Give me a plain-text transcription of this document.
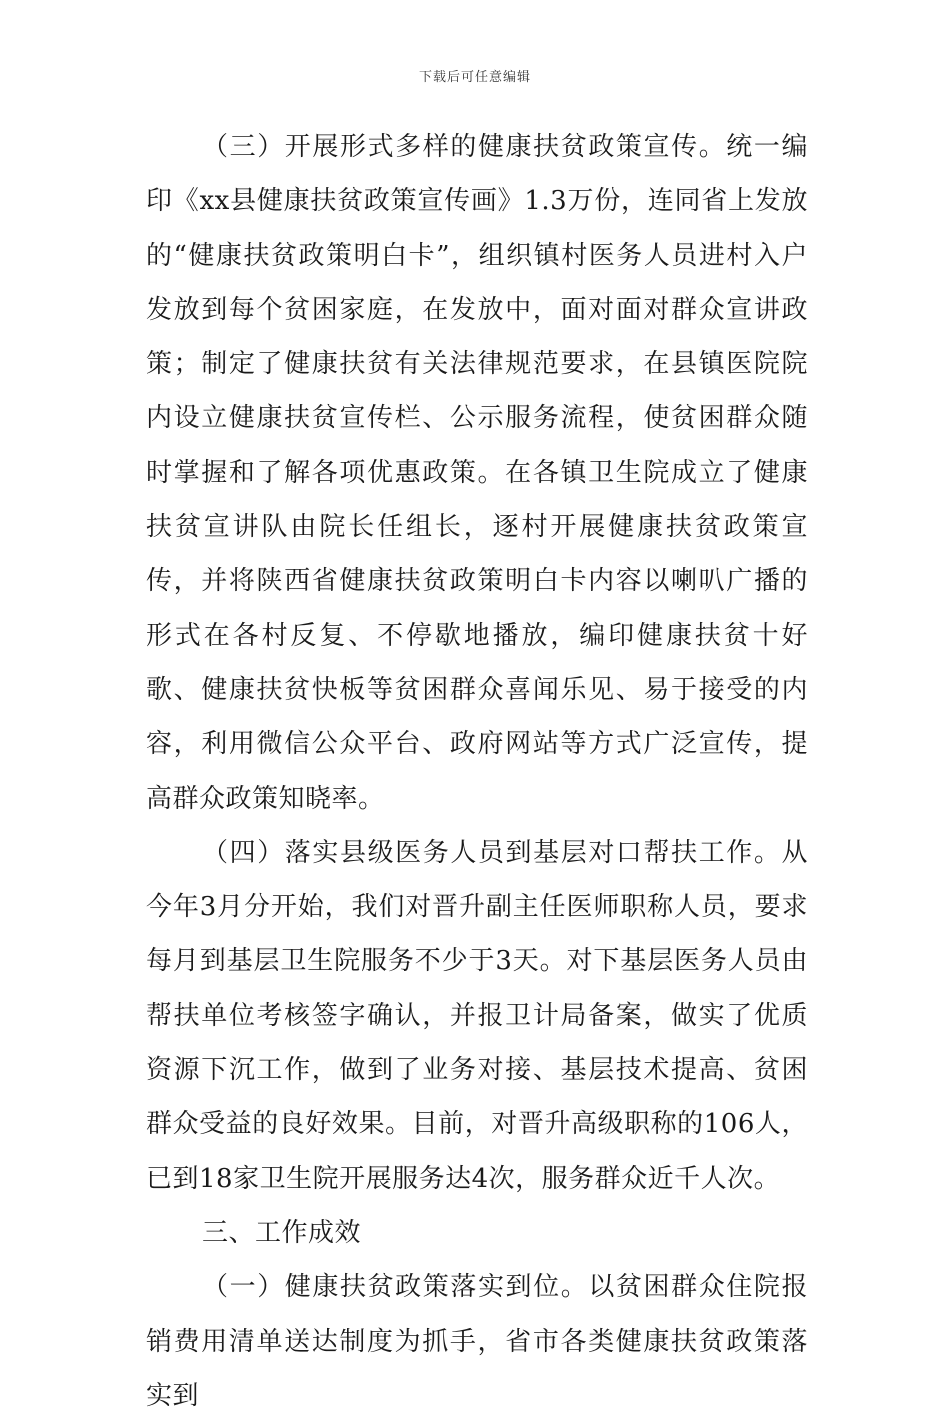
下载后可任意编辑

（三）开展形式多样的健康扶贫政策宣传。统一编印《xx县健康扶贫政策宣传画》1.3万份，连同省上发放的“健康扶贫政策明白卡”，组织镇村医务人员进村入户发放到每个贫困家庭，在发放中，面对面对群众宣讲政策；制定了健康扶贫有关法律规范要求，在县镇医院院内设立健康扶贫宣传栏、公示服务流程，使贫困群众随时掌握和了解各项优惠政策。在各镇卫生院成立了健康扶贫宣讲队由院长任组长，逐村开展健康扶贫政策宣传，并将陕西省健康扶贫政策明白卡内容以喇叭广播的形式在各村反复、不停歇地播放，编印健康扶贫十好歌、健康扶贫快板等贫困群众喜闻乐见、易于接受的内容，利用微信公众平台、政府网站等方式广泛宣传，提高群众政策知晓率。

（四）落实县级医务人员到基层对口帮扶工作。从今年3月分开始，我们对晋升副主任医师职称人员，要求每月到基层卫生院服务不少于3天。对下基层医务人员由帮扶单位考核签字确认，并报卫计局备案，做实了优质资源下沉工作，做到了业务对接、基层技术提高、贫困群众受益的良好效果。目前，对晋升高级职称的106人，已到18家卫生院开展服务达4次，服务群众近千人次。

三、工作成效

（一）健康扶贫政策落实到位。以贫困群众住院报销费用清单送达制度为抓手，省市各类健康扶贫政策落实到
